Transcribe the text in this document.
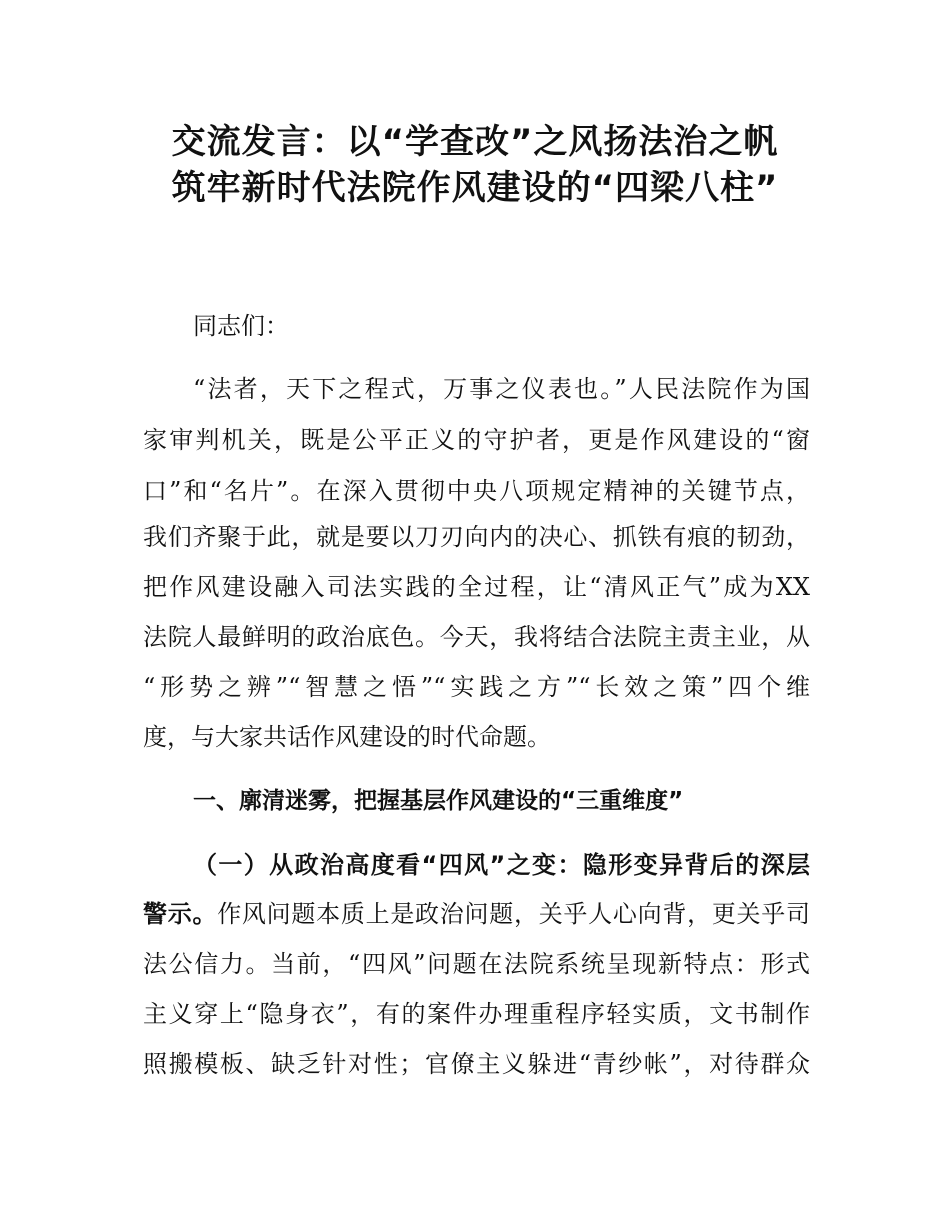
交流发言：以“学查改”之风扬法治之帆
筑牢新时代法院作风建设的“四梁八柱”
同志们：
“法者，天下之程式，万事之仪表也。”人民法院作为国
家审判机关，既是公平正义的守护者，更是作风建设的“窗
口”和“名片”。在深入贯彻中央八项规定精神的关键节点，
我们齐聚于此，就是要以刀刃向内的决心、抓铁有痕的韧劲，
把作风建设融入司法实践的全过程，让“清风正气”成为XX
法院人最鲜明的政治底色。今天，我将结合法院主责主业，从
“形势之辨”“智慧之悟”“实践之方”“长效之策”四个维
度，与大家共话作风建设的时代命题。
一、廓清迷雾，把握基层作风建设的“三重维度”
（一）从政治高度看“四风”之变：隐形变异背后的深层
警示。作风问题本质上是政治问题，关乎人心向背，更关乎司
法公信力。当前，“四风”问题在法院系统呈现新特点：形式
主义穿上“隐身衣”，有的案件办理重程序轻实质，文书制作
照搬模板、缺乏针对性；官僚主义躲进“青纱帐”，对待群众
